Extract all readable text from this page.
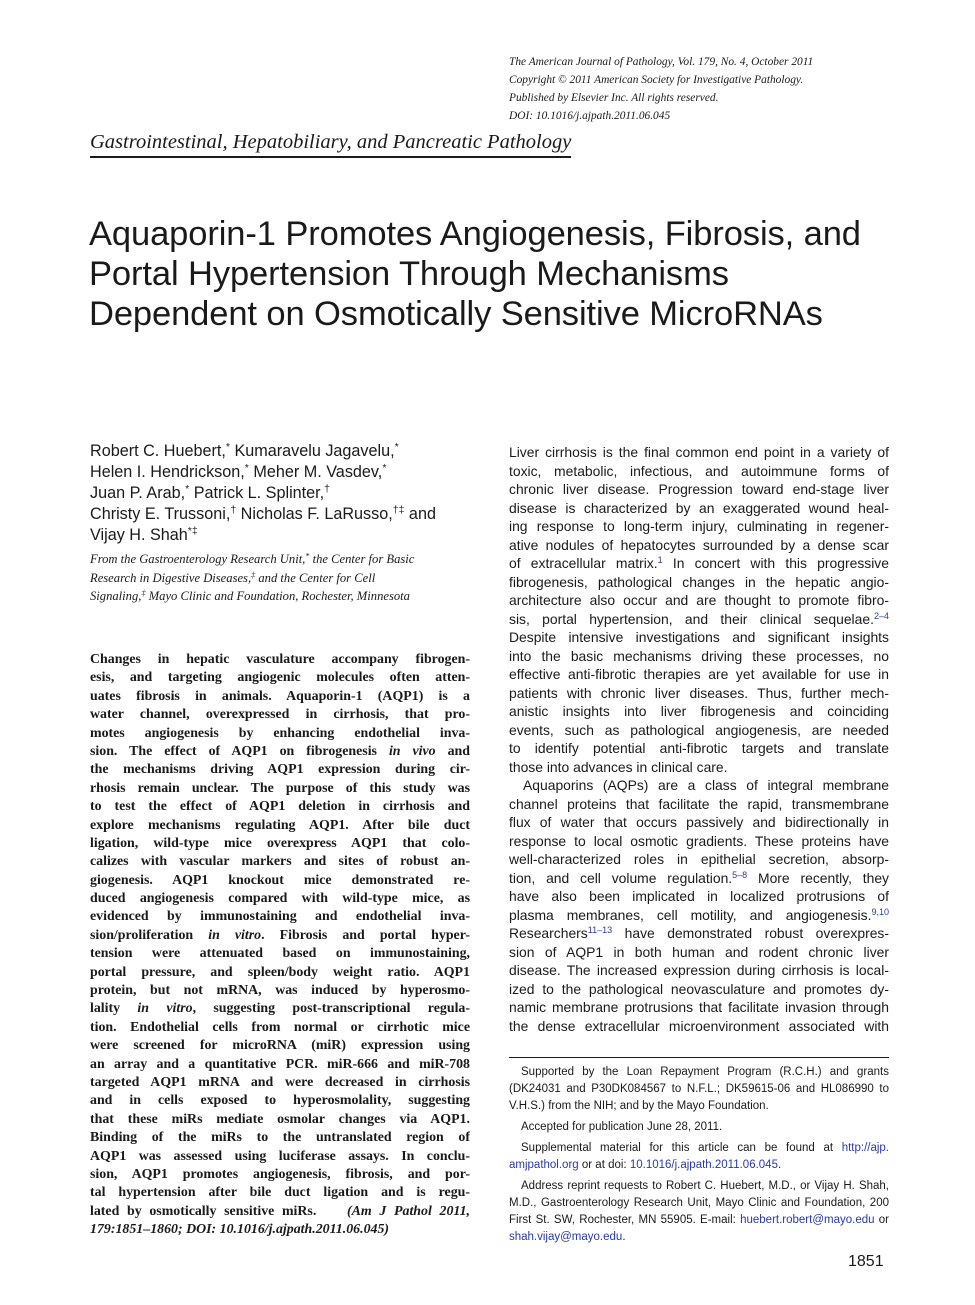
The American Journal of Pathology, Vol. 179, No. 4, October 2011
Copyright © 2011 American Society for Investigative Pathology.
Published by Elsevier Inc. All rights reserved.
DOI: 10.1016/j.ajpath.2011.06.045
Gastrointestinal, Hepatobiliary, and Pancreatic Pathology
Aquaporin-1 Promotes Angiogenesis, Fibrosis, and
Portal Hypertension Through Mechanisms
Dependent on Osmotically Sensitive MicroRNAs
Robert C. Huebert,* Kumaravelu Jagavelu,*
Helen I. Hendrickson,* Meher M. Vasdev,*
Juan P. Arab,* Patrick L. Splinter,†
Christy E. Trussoni,† Nicholas F. LaRusso,†‡ and
Vijay H. Shah*‡
From the Gastroenterology Research Unit,* the Center for Basic
Research in Digestive Diseases,‡ and the Center for Cell
Signaling,‡ Mayo Clinic and Foundation, Rochester, Minnesota
Changes in hepatic vasculature accompany fibrogen-
esis, and targeting angiogenic molecules often atten-
uates fibrosis in animals. Aquaporin-1 (AQP1) is a
water channel, overexpressed in cirrhosis, that pro-
motes angiogenesis by enhancing endothelial inva-
sion. The effect of AQP1 on fibrogenesis in vivo and
the mechanisms driving AQP1 expression during cir-
rhosis remain unclear. The purpose of this study was
to test the effect of AQP1 deletion in cirrhosis and
explore mechanisms regulating AQP1. After bile duct
ligation, wild-type mice overexpress AQP1 that colo-
calizes with vascular markers and sites of robust an-
giogenesis. AQP1 knockout mice demonstrated re-
duced angiogenesis compared with wild-type mice, as
evidenced by immunostaining and endothelial inva-
sion/proliferation in vitro. Fibrosis and portal hyper-
tension were attenuated based on immunostaining,
portal pressure, and spleen/body weight ratio. AQP1
protein, but not mRNA, was induced by hyperosmo-
lality in vitro, suggesting post-transcriptional regula-
tion. Endothelial cells from normal or cirrhotic mice
were screened for microRNA (miR) expression using
an array and a quantitative PCR. miR-666 and miR-708
targeted AQP1 mRNA and were decreased in cirrhosis
and in cells exposed to hyperosmolality, suggesting
that these miRs mediate osmolar changes via AQP1.
Binding of the miRs to the untranslated region of
AQP1 was assessed using luciferase assays. In conclu-
sion, AQP1 promotes angiogenesis, fibrosis, and por-
tal hypertension after bile duct ligation and is regu-
lated by osmotically sensitive miRs. (Am J Pathol 2011,
179:1851–1860; DOI: 10.1016/j.ajpath.2011.06.045)
Liver cirrhosis is the final common end point in a variety of
toxic, metabolic, infectious, and autoimmune forms of
chronic liver disease. Progression toward end-stage liver
disease is characterized by an exaggerated wound heal-
ing response to long-term injury, culminating in regener-
ative nodules of hepatocytes surrounded by a dense scar
of extracellular matrix.$^1$ In concert with this progressive
fibrogenesis, pathological changes in the hepatic angio-
architecture also occur and are thought to promote fibro-
sis, portal hypertension, and their clinical sequelae.$^{2-4}$
Despite intensive investigations and significant insights
into the basic mechanisms driving these processes, no
effective anti-fibrotic therapies are yet available for use in
patients with chronic liver diseases. Thus, further mech-
anistic insights into liver fibrogenesis and coinciding
events, such as pathological angiogenesis, are needed
to identify potential anti-fibrotic targets and translate
those into advances in clinical care.
Aquaporins (AQPs) are a class of integral membrane
channel proteins that facilitate the rapid, transmembrane
flux of water that occurs passively and bidirectionally in
response to local osmotic gradients. These proteins have
well-characterized roles in epithelial secretion, absorp-
tion, and cell volume regulation.$^{5-8}$ More recently, they
have also been implicated in localized protrusions of
plasma membranes, cell motility, and angiogenesis.$^{9,10}$
Researchers$^{11-13}$ have demonstrated robust overexpres-
sion of AQP1 in both human and rodent chronic liver
disease. The increased expression during cirrhosis is local-
ized to the pathological neovasculature and promotes dy-
namic membrane protrusions that facilitate invasion through
the dense extracellular microenvironment associated with
Supported by the Loan Repayment Program (R.C.H.) and grants
(DK24031 and P30DK084567 to N.F.L.; DK59615-06 and HL086990 to
V.H.S.) from the NIH; and by the Mayo Foundation.
Accepted for publication June 28, 2011.
Supplemental material for this article can be found at http://ajp.
amjpathol.org or at doi: 10.1016/j.ajpath.2011.06.045.
Address reprint requests to Robert C. Huebert, M.D., or Vijay H. Shah,
M.D., Gastroenterology Research Unit, Mayo Clinic and Foundation, 200
First St. SW, Rochester, MN 55905. E-mail: huebert.robert@mayo.edu or
shah.vijay@mayo.edu.
1851
